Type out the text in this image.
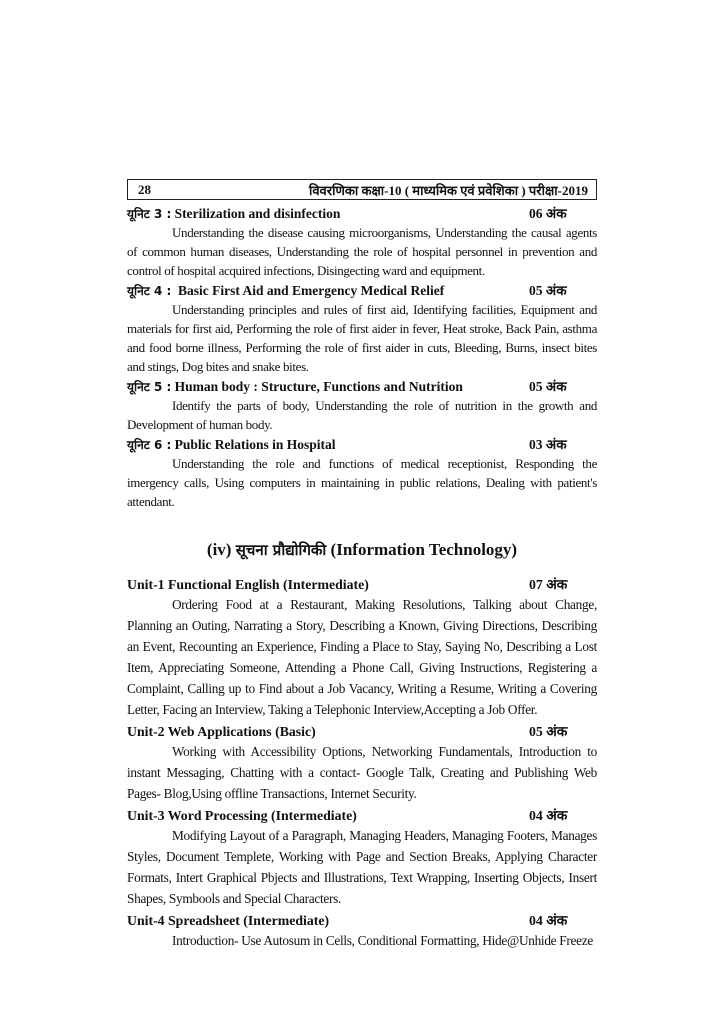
28	विवरणिका कक्षा-10 ( माध्यमिक एवं प्रवेशिका ) परीक्षा-2019
यूनिट 3 : Sterilization and disinfection	06 अंक

Understanding the disease causing microorganisms, Understanding the causal agents of common human diseases, Understanding the role of hospital personnel in prevention and control of hospital acquired infections, Disingecting ward and equipment.

यूनिट 4 : Basic First Aid and Emergency Medical Relief	05 अंक

Understanding principles and rules of first aid, Identifying facilities, Equipment and materials for first aid, Performing the role of first aider in fever, Heat stroke, Back Pain, asthma and food borne illness, Performing the role of first aider in cuts, Bleeding, Burns, insect bites and stings, Dog bites and snake bites.

यूनिट 5 : Human body : Structure, Functions and Nutrition	05 अंक

Identify the parts of body, Understanding the role of nutrition in the growth and Development of human body.

यूनिट 6 : Public Relations in Hospital	03 अंक

Understanding the role and functions of medical receptionist, Responding the imergency calls, Using computers in maintaining in public relations, Dealing with patient's attendant.

(iv) सूचना प्रौद्योगिकी (Information Technology)
Unit-1 Functional English (Intermediate)	07 अंक

Ordering Food at a Restaurant, Making Resolutions, Talking about Change, Planning an Outing, Narrating a Story, Describing a Known, Giving Directions, Describing an Event, Recounting an Experience, Finding a Place to Stay, Saying No, Describing a Lost Item, Appreciating Someone, Attending a Phone Call, Giving Instructions, Registering a Complaint, Calling up to Find about a Job Vacancy, Writing a Resume, Writing a Covering Letter, Facing an Interview, Taking a Telephonic Interview,Accepting a Job Offer.

Unit-2 Web Applications (Basic)	05 अंक

Working with Accessibility Options, Networking Fundamentals, Introduction to instant Messaging, Chatting with a contact- Google Talk, Creating and Publishing Web Pages- Blog,Using offline Transactions, Internet Security.

Unit-3 Word Processing (Intermediate)	04 अंक

Modifying Layout of a Paragraph, Managing Headers, Managing Footers, Manages Styles, Document Templete, Working with Page and Section Breaks, Applying Character Formats, Intert Graphical Pbjects and Illustrations, Text Wrapping, Inserting Objects, Insert Shapes, Symbools and Special Characters.

Unit-4 Spreadsheet (Intermediate)	04 अंक

Introduction- Use Autosum in Cells, Conditional Formatting, Hide@Unhide Freeze
